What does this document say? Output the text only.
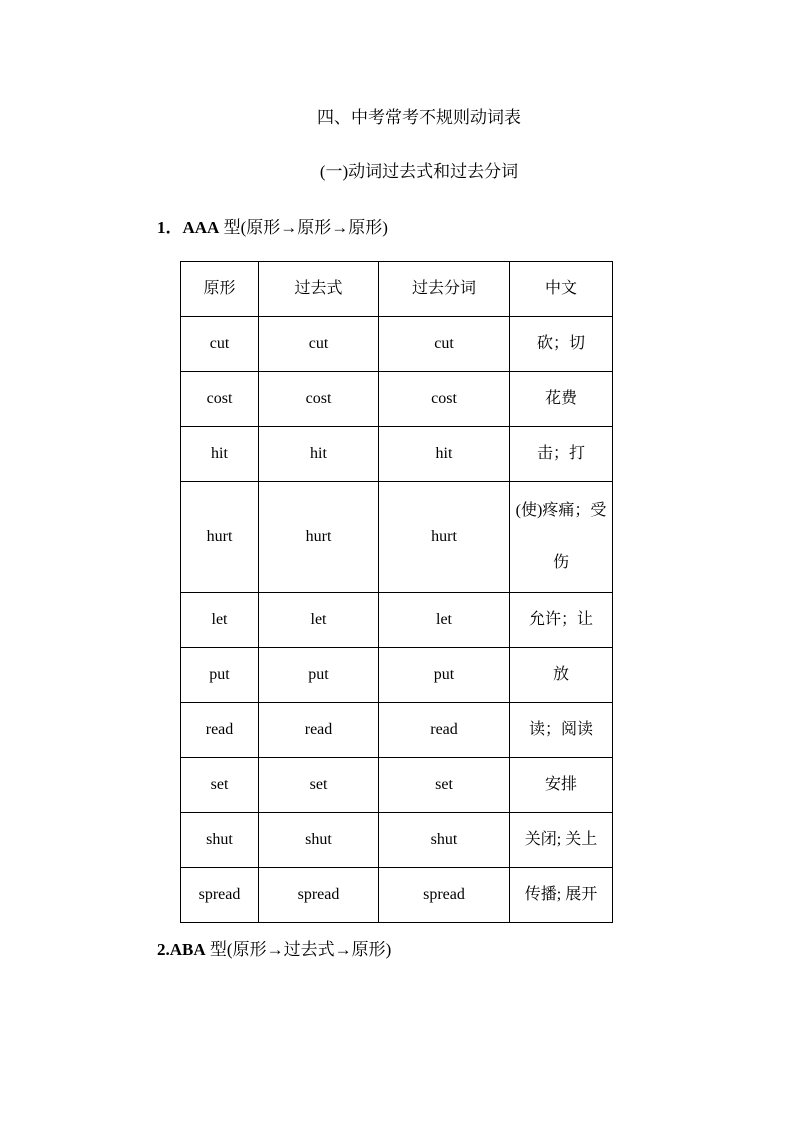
四、中考常考不规则动词表
(一)动词过去式和过去分词
1．AAA 型(原形→原形→原形)
原形	过去式	过去分词	中文
cut	cut	cut	砍；切
cost	cost	cost	花费
hit	hit	hit	击；打
hurt	hurt	hurt	(使)疼痛；受伤
let	let	let	允许；让
put	put	put	放
read	read	read	读；阅读
set	set	set	安排
shut	shut	shut	关闭; 关上
spread	spread	spread	传播; 展开
2.ABA 型(原形→过去式→原形)
